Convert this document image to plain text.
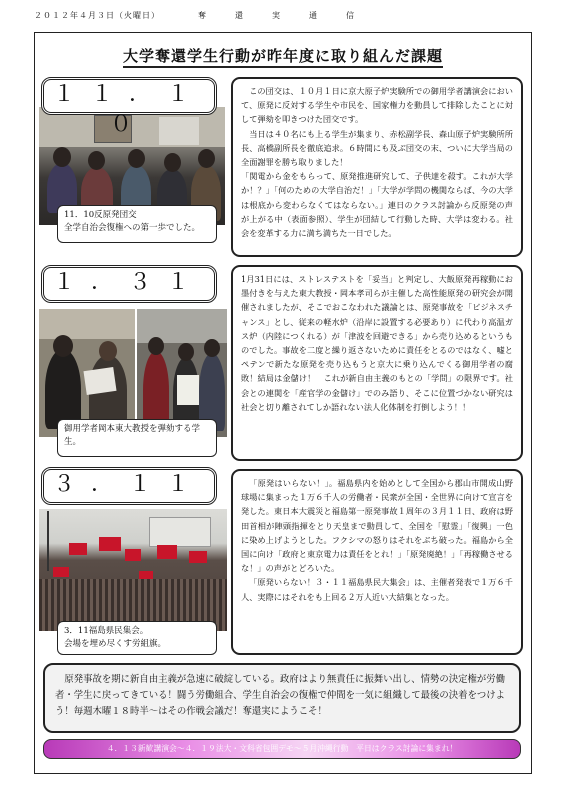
２０１２年４月３日（火曜日）	奪	還	実	通	信
大学奪還学生行動が昨年度に取り組んだ課題
１１．１０
11．10反原発団交
全学自治会復権への第一歩でした。

この団交は、１０月１日に京大原子炉実験所での御用学者講演会において、原発に反対する学生や市民を、国家権力を動員して排除したことに対して弾劾を叩きつけた団交です。

当日は４０名にも上る学生が集まり、赤松副学長、森山原子炉実験所所長、高橋副所長を徹底追求。６時間にも及ぶ団交の末、ついに大学当局の全面謝罪を勝ち取りました！

「関電から金をもらって、原発推進研究して、子供達を殺す。これが大学か！？」「何のための大学自治だ！」「大学が学問の機関ならば、今の大学は根底から変わらなくてはならない。」連日のクラス討論から反原発の声が上がる中（表面参照）、学生が団結して行動した時、大学は変わる。社会を変革する力に満ち満ちた一日でした。

１．３１
御用学者岡本東大教授を弾劾する学生。

1月31日には、ストレステストを「妥当」と判定し、大飯原発再稼動にお墨付きを与えた東大教授・岡本孝司らが主催した高性能原発の研究会が開催されましたが、そこでおこなわれた議論とは、原発事故を「ビジネスチャンス」とし、従来の軽水炉（沿岸に設置する必要あり）に代わり高温ガス炉（内陸につくれる）が「津波を回避できる」から売り込めるというものでした。事故を二度と繰り返さないために責任をとるのではなく、嘘とペテンで新たな原発を売り込もうと京大に乗り込んでくる御用学者の腐敗！結局は金儲け！　これが新自由主義のもとの「学問」の限界です。社会との連関を「産官学の金儲け」でのみ語り、そこに位置づかない研究は社会と切り離されてしか語れない法人化体制を打倒しよう！！

３．１１
3．11福島県民集会。
会場を埋め尽くす労組旗。

「原発はいらない！」。福島県内を始めとして全国から郡山市開成山野球場に集まった１万６千人の労働者・民衆が全国・全世界に向けて宣言を発した。東日本大震災と福島第一原発事故１周年の３月１１日、政府は野田首相が陣頭指揮をとり天皇まで動員して、全国を「慰霊」「復興」一色に染め上げようとした。フクシマの怒りはそれをぶち破った。福島から全国に向け「政府と東京電力は責任をとれ！」「原発廃絶！」「再稼働させるな！」の声がとどろいた。

「原発いらない！３・１１福島県民大集会」は、主催者発表で１万６千人、実際にはそれをも上回る２万人近い大結集となった。

原発事故を期に新自由主義が急速に破綻している。政府はより無責任に振舞い出し、情勢の決定権が労働者・学生に戻ってきている！闘う労働組合、学生自治会の復権で仲間を一気に組織して最後の決着をつけよう！毎週木曜１８時半～はその作戦会議だ！奪還実にようこそ！
４．１３新歓講演会～４．１９法大・文科省包囲デモ～５月沖縄行動　平日はクラス討論に集まれ！
